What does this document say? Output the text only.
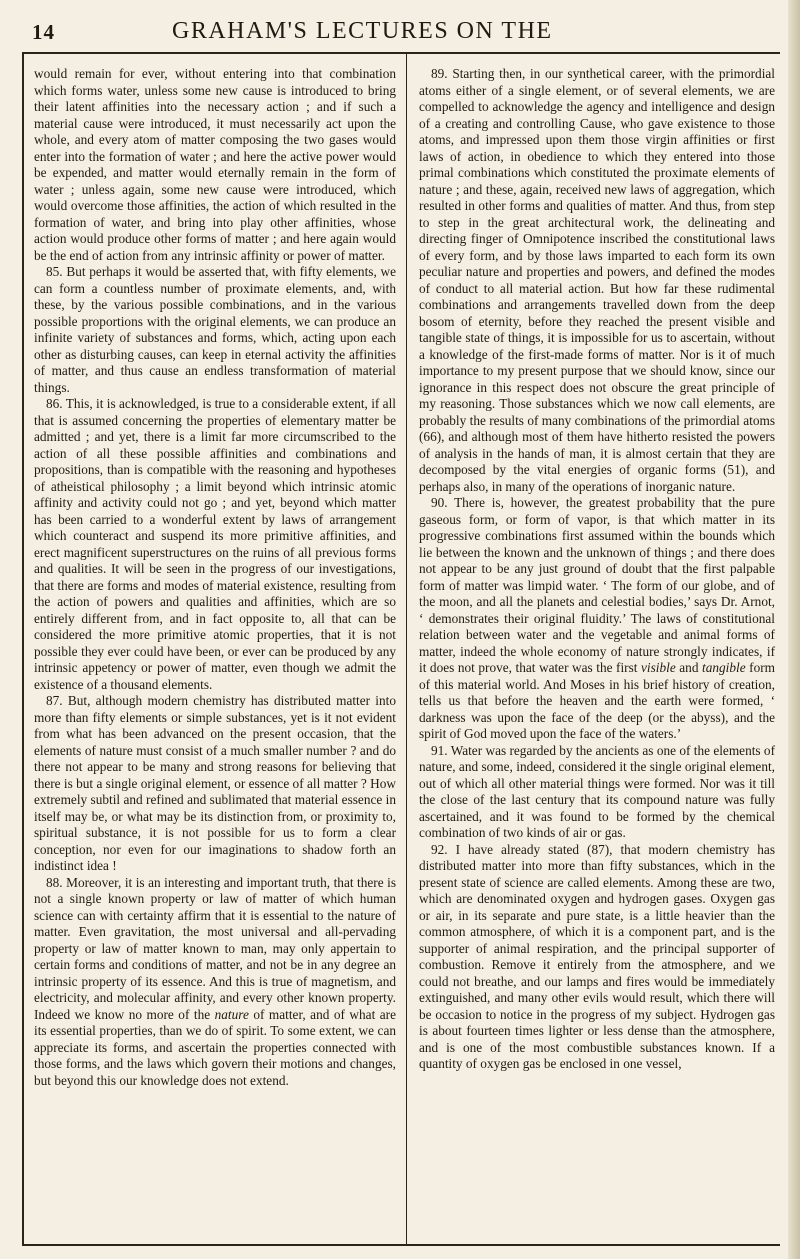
14	GRAHAM'S LECTURES ON THE

would remain for ever, without entering into that combination which forms water, unless some new cause is introduced to bring their latent affinities into the necessary action ; and if such a material cause were introduced, it must necessarily act upon the whole, and every atom of matter composing the two gases would enter into the formation of water ; and here the active power would be expended, and matter would eternally remain in the form of water ; unless again, some new cause were introduced, which would overcome those affinities, the action of which resulted in the formation of water, and bring into play other affinities, whose action would produce other forms of matter ; and here again would be the end of action from any intrinsic affinity or power of matter.

85. But perhaps it would be asserted that, with fifty elements, we can form a countless number of proximate elements, and, with these, by the various possible combinations, and in the various possible proportions with the original elements, we can produce an infinite variety of substances and forms, which, acting upon each other as disturbing causes, can keep in eternal activity the affinities of matter, and thus cause an endless transformation of material things.

86. This, it is acknowledged, is true to a considerable extent, if all that is assumed concerning the properties of elementary matter be admitted ; and yet, there is a limit far more circumscribed to the action of all these possible affinities and combinations and propositions, than is compatible with the reasoning and hypotheses of atheistical philosophy ; a limit beyond which intrinsic atomic affinity and activity could not go ; and yet, beyond which matter has been carried to a wonderful extent by laws of arrangement which counteract and suspend its more primitive affinities, and erect magnificent superstructures on the ruins of all previous forms and qualities. It will be seen in the progress of our investigations, that there are forms and modes of material existence, resulting from the action of powers and qualities and affinities, which are so entirely different from, and in fact opposite to, all that can be considered the more primitive atomic properties, that it is not possible they ever could have been, or ever can be produced by any intrinsic appetency or power of matter, even though we admit the existence of a thousand elements.

87. But, although modern chemistry has distributed matter into more than fifty elements or simple substances, yet is it not evident from what has been advanced on the present occasion, that the elements of nature must consist of a much smaller number ? and do there not appear to be many and strong reasons for believing that there is but a single original element, or essence of all matter ? How extremely subtil and refined and sublimated that material essence in itself may be, or what may be its distinction from, or proximity to, spiritual substance, it is not possible for us to form a clear conception, nor even for our imaginations to shadow forth an indistinct idea !

88. Moreover, it is an interesting and important truth, that there is not a single known property or law of matter of which human science can with certainty affirm that it is essential to the nature of matter. Even gravitation, the most universal and all-pervading property or law of matter known to man, may only appertain to certain forms and conditions of matter, and not be in any degree an intrinsic property of its essence. And this is true of magnetism, and electricity, and molecular affinity, and every other known property. Indeed we know no more of the nature of matter, and of what are its essential properties, than we do of spirit. To some extent, we can appreciate its forms, and ascertain the properties connected with those forms, and the laws which govern their motions and changes, but beyond this our knowledge does not extend.

89. Starting then, in our synthetical career, with the primordial atoms either of a single element, or of several elements, we are compelled to acknowledge the agency and intelligence and design of a creating and controlling Cause, who gave existence to those atoms, and impressed upon them those virgin affinities or first laws of action, in obedience to which they entered into those primal combinations which constituted the proximate elements of nature ; and these, again, received new laws of aggregation, which resulted in other forms and qualities of matter. And thus, from step to step in the great architectural work, the delineating and directing finger of Omnipotence inscribed the constitutional laws of every form, and by those laws imparted to each form its own peculiar nature and properties and powers, and defined the modes of conduct to all material action. But how far these rudimental combinations and arrangements travelled down from the deep bosom of eternity, before they reached the present visible and tangible state of things, it is impossible for us to ascertain, without a knowledge of the first-made forms of matter. Nor is it of much importance to my present purpose that we should know, since our ignorance in this respect does not obscure the great principle of my reasoning. Those substances which we now call elements, are probably the results of many combinations of the primordial atoms (66), and although most of them have hitherto resisted the powers of analysis in the hands of man, it is almost certain that they are decomposed by the vital energies of organic forms (51), and perhaps also, in many of the operations of inorganic nature.

90. There is, however, the greatest probability that the pure gaseous form, or form of vapor, is that which matter in its progressive combinations first assumed within the bounds which lie between the known and the unknown of things ; and there does not appear to be any just ground of doubt that the first palpable form of matter was limpid water. ‘ The form of our globe, and of the moon, and all the planets and celestial bodies,’ says Dr. Arnot, ‘ demonstrates their original fluidity.’ The laws of constitutional relation between water and the vegetable and animal forms of matter, indeed the whole economy of nature strongly indicates, if it does not prove, that water was the first visible and tangible form of this material world. And Moses in his brief history of creation, tells us that before the heaven and the earth were formed, ‘ darkness was upon the face of the deep (or the abyss), and the spirit of God moved upon the face of the waters.’

91. Water was regarded by the ancients as one of the elements of nature, and some, indeed, considered it the single original element, out of which all other material things were formed. Nor was it till the close of the last century that its compound nature was fully ascertained, and it was found to be formed by the chemical combination of two kinds of air or gas.

92. I have already stated (87), that modern chemistry has distributed matter into more than fifty substances, which in the present state of science are called elements. Among these are two, which are denominated oxygen and hydrogen gases. Oxygen gas or air, in its separate and pure state, is a little heavier than the common atmosphere, of which it is a component part, and is the supporter of animal respiration, and the principal supporter of combustion. Remove it entirely from the atmosphere, and we could not breathe, and our lamps and fires would be immediately extinguished, and many other evils would result, which there will be occasion to notice in the progress of my subject. Hydrogen gas is about fourteen times lighter or less dense than the atmosphere, and is one of the most combustible substances known. If a quantity of oxygen gas be enclosed in one vessel,
